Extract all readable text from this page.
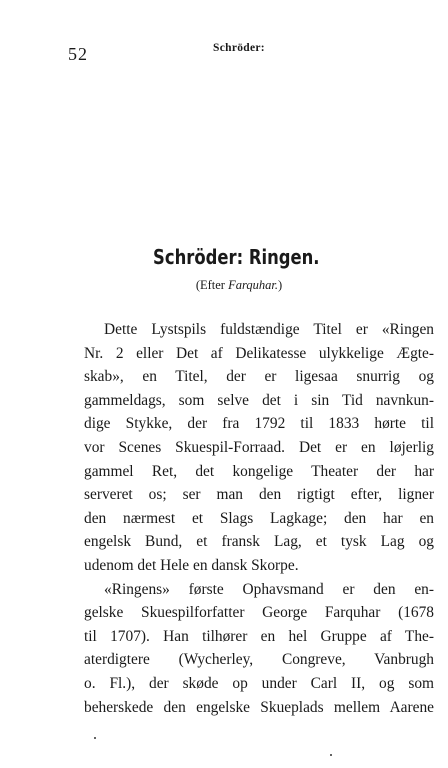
52	Schröder:
Schröder: Ringen.
(Efter Farquhar.)
Dette Lystspils fuldstændige Titel er «Ringen
Nr. 2 eller Det af Delikatesse ulykkelige Ægte-
skab», en Titel, der er ligesaa snurrig og
gammeldags, som selve det i sin Tid navnkun-
dige Stykke, der fra 1792 til 1833 hørte til
vor Scenes Skuespil-Forraad. Det er en løjerlig
gammel Ret, det kongelige Theater der har
serveret os; ser man den rigtigt efter, ligner
den nærmest et Slags Lagkage; den har en
engelsk Bund, et fransk Lag, et tysk Lag og
udenom det Hele en dansk Skorpe.
«Ringens» første Ophavsmand er den en-
gelske Skuespilforfatter George Farquhar (1678
til 1707). Han tilhører en hel Gruppe af The-
aterdigtere (Wycherley, Congreve, Vanbrugh
o. Fl.), der skøde op under Carl II, og som
beherskede den engelske Skueplads mellem Aarene
